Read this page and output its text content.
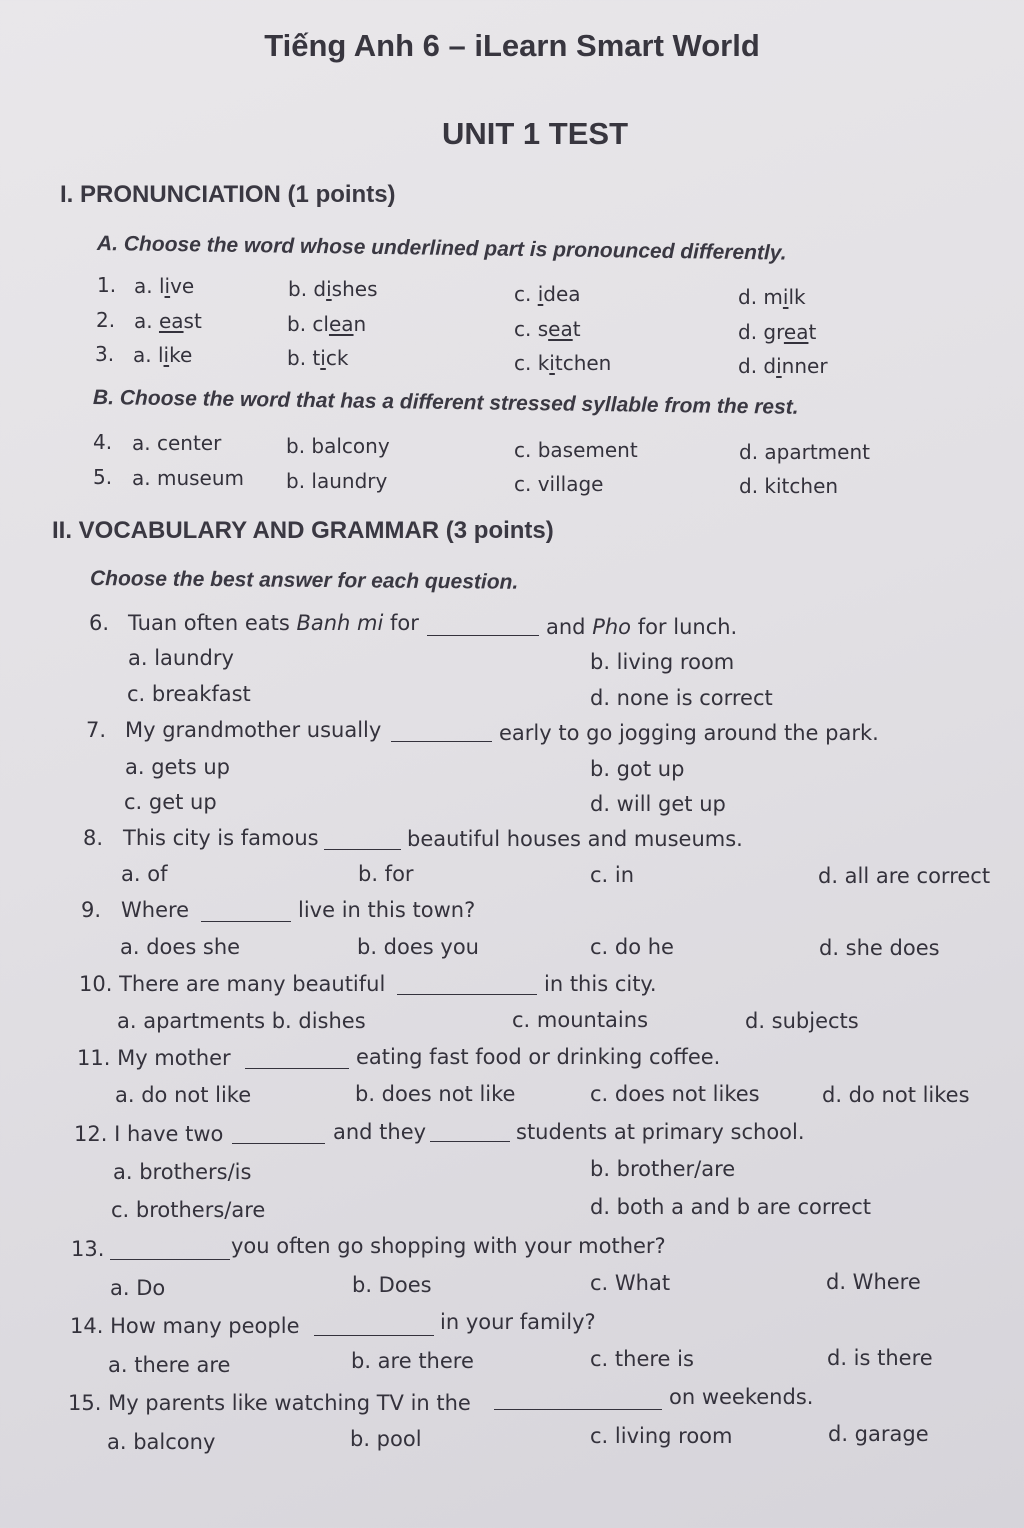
Tiếng Anh 6 – iLearn Smart World
UNIT 1 TEST
I. PRONUNCIATION (1 points)
A. Choose the word whose underlined part is pronounced differently.
1. a. live	b. dishes	c. idea	d. milk
2. a. east	b. clean	c. seat	d. great
3. a. like	b. tick	c. kitchen	d. dinner
B. Choose the word that has a different stressed syllable from the rest.
4. a. center	b. balcony	c. basement	d. apartment
5. a. museum b. laundry	c. village	d. kitchen
II. VOCABULARY AND GRAMMAR (3 points)
Choose the best answer for each question.
6. Tuan often eats Banh mi for	and Pho for lunch.
a. laundry	b. living room
c. breakfast	d. none is correct
7. My grandmother usually	early to go jogging around the park.
a. gets up	b. got up
c. get up	d. will get up
8. This city is famous	beautiful houses and museums.
a. of	b. for	c. in	d. all are correct
9. Where	live in this town?
a. does she	b. does you	c. do he	d. she does
10. There are many beautiful	in this city.
a. apartments b. dishes	c. mountains	d. subjects
11. My mother	eating fast food or drinking coffee.
a. do not like	b. does not like	c. does not likes	d. do not likes
12. I have two	and they	students at primary school.
a. brothers/is	b. brother/are
c. brothers/are	d. both a and b are correct
13.	you often go shopping with your mother?
a. Do	b. Does	c. What	d. Where
14. How many people	in your family?
a. there are	b. are there	c. there is	d. is there
15. My parents like watching TV in the	on weekends.
a. balcony	b. pool	c. living room	d. garage
